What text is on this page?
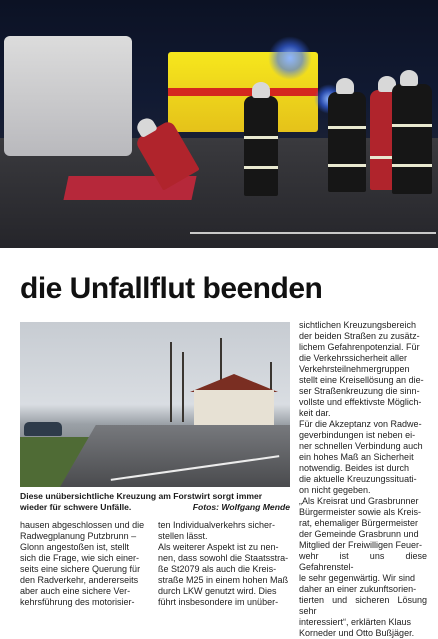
die Unfallflut beenden
Diese unübersichtliche Kreuzung am Forstwirt sorgt immer wieder für schwere Unfälle.	Fotos: Wolfgang Mende
hausen abgeschlossen und die
Radwegplanung Putzbrunn –
Glonn angestoßen ist, stellt
sich die Frage, wie sich einer-
seits eine sichere Querung für
den Radverkehr, andererseits
aber auch eine sichere Ver-
kehrsführung des motorisier-
ten Individualverkehrs sicher-
stellen lässt.
Als weiterer Aspekt ist zu nen-
nen, dass sowohl die Staatsstra-
ße St2079 als auch die Kreis-
straße M25 in einem hohen Maß
durch LKW genutzt wird. Dies
führt insbesondere im unüber-
sichtlichen Kreuzungsbereich
der beiden Straßen zu zusätz-
lichem Gefahrenpotenzial. Für
die Verkehrssicherheit aller
Verkehrsteilnehmergruppen
stellt eine Kreisellösung an die-
ser Straßenkreuzung die sinn-
vollste und effektivste Möglich-
keit dar.
Für die Akzeptanz von Radwe-
geverbindungen ist neben ei-
ner schnellen Verbindung auch
ein hohes Maß an Sicherheit
notwendig. Beides ist durch
die aktuelle Kreuzungssituati-
on nicht gegeben.
„Als Kreisrat und Grasbrunner
Bürgermeister sowie als Kreis-
rat, ehemaliger Bürgermeister
der Gemeinde Grasbrunn und
Mitglied der Freiwilligen Feuer-
wehr ist uns diese Gefahrenstel-
le sehr gegenwärtig. Wir sind
daher an einer zukunftsorien-
tierten und sicheren Lösung sehr
interessiert“, erklärten Klaus
Korneder und Otto Bußjäger.
